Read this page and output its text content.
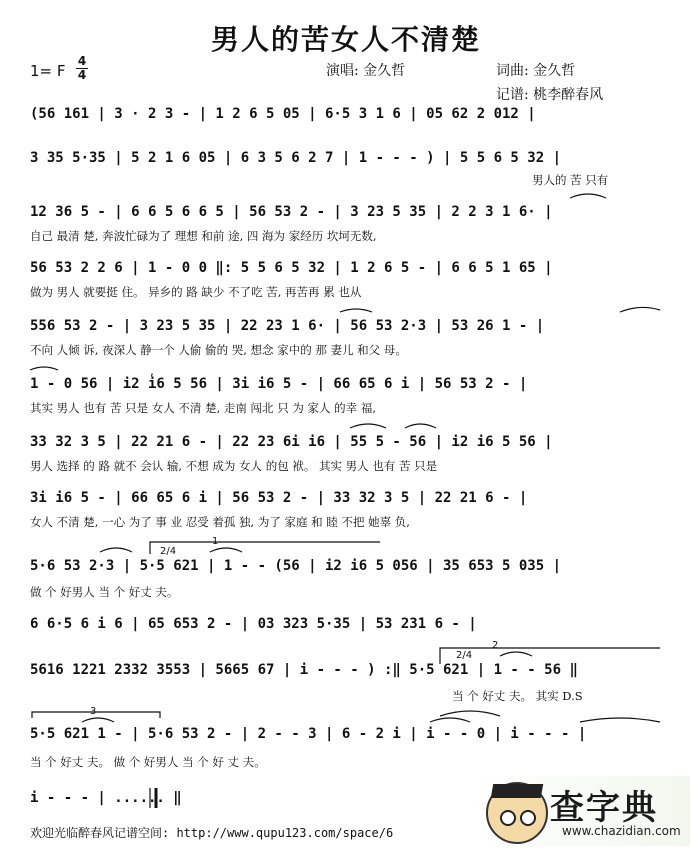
男人的苦女人不清楚
1= F
4
4	演唱: 金久哲	词曲: 金久哲
记谱: 桃李醉春风
(56 161 | 3 · 2 3 - | 1 2 6 5 05 | 6·5 3 1 6 | 05 62 2 012 |
3 35 5·35 | 5 2 1 6 05 | 6 3 5 6 2 7 | 1 - - - ) | 5 5 6 5 32 |
男人的 苦 只有
12 36 5 - | 6 6 5 6 6 5 | 56 53 2 - | 3 23 5 35 | 2 2 3 1 6· |
自己 最清 楚, 奔波忙碌为了 理想 和前 途, 四 海为 家经历 坎坷无数,
56 53 2 2 6 | 1 - 0 0 ‖: 5 5 6 5 32 | 1 2 6 5 - | 6 6 5 1 65 |
做为 男人 就要挺 住。 异乡的 路 缺少 不了吃 苦, 再苦再 累 也从
556 53 2 - | 3 23 5 35 | 22 23 1 6· | 56 53 2·3 | 53 26 1 - |
不向 人倾 诉, 夜深人 静一个 人偷 偷的 哭, 想念 家中的 那 妻儿 和父 母。
1 - 0 56 | i2 i6 5 56 | 3i i6 5 - | 66 65 6 i | 56 53 2 - |
其实 男人 也有 苦 只是 女人 不清 楚, 走南 闯北 只 为 家人 的幸 福,
33 32 3 5 | 22 21 6 - | 22 23 6i i6 | 55 5 - 56 | i2 i6 5 56 |
男人 选择 的 路 就不 会认 输, 不想 成为 女人 的包 袱。 其实 男人 也有 苦 只是
3i i6 5 - | 66 65 6 i | 56 53 2 - | 33 32 3 5 | 22 21 6 - |
女人 不清 楚, 一心 为了 事 业 忍受 着孤 独, 为了 家庭 和 睦 不把 她辜 负,
5·6 53 2·3 | 5·5 621 | 1 - - (56 | i2 i6 5 056 | 35 653 5 035 |
做 个 好男人 当 个 好丈 夫。
6 6·5 6 i 6 | 65 653 2 - | 03 323 5·35 | 53 231 6 - |
5616 1221 2332 3553 | 5665 67 | i - - - ) :‖ 5·5 621 | 1 - - 56 ‖
当 个 好丈 夫。 其实 D.S
5·5 621 1 - | 5·6 53 2 - | 2 - - 3 | 6 - 2 i | i - - 0 | i - - - |
当 个 好丈 夫。 做 个 好男人 当 个 好 丈 夫。
i - - - | ...... ‖
2/4
1
2/4
2
3
,
欢迎光临醉春风记谱空间: http://www.qupu123.com/space/6
查字典
www.chazidian.com
